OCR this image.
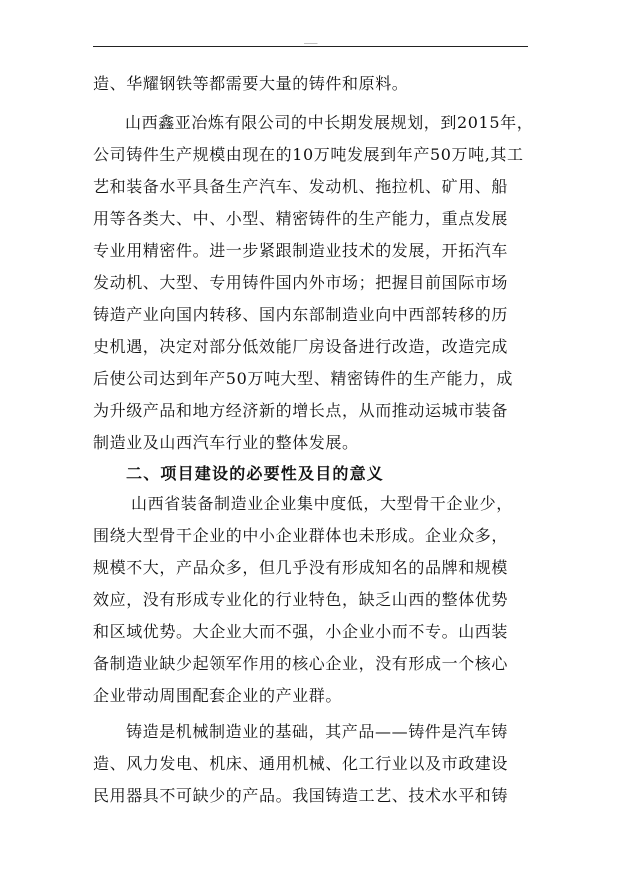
___
造、华耀钢铁等都需要大量的铸件和原料。
山西鑫亚冶炼有限公司的中长期发展规划，到2015年，
公司铸件生产规模由现在的10万吨发展到年产50万吨,其工
艺和装备水平具备生产汽车、发动机、拖拉机、矿用、船
用等各类大、中、小型、精密铸件的生产能力，重点发展
专业用精密件。进一步紧跟制造业技术的发展，开拓汽车
发动机、大型、专用铸件国内外市场；把握目前国际市场
铸造产业向国内转移、国内东部制造业向中西部转移的历
史机遇，决定对部分低效能厂房设备进行改造，改造完成
后使公司达到年产50万吨大型、精密铸件的生产能力，成
为升级产品和地方经济新的增长点，从而推动运城市装备
制造业及山西汽车行业的整体发展。
二、项目建设的必要性及目的意义
山西省装备制造业企业集中度低，大型骨干企业少，
围绕大型骨干企业的中小企业群体也未形成。企业众多，
规模不大，产品众多，但几乎没有形成知名的品牌和规模
效应，没有形成专业化的行业特色，缺乏山西的整体优势
和区域优势。大企业大而不强，小企业小而不专。山西装
备制造业缺少起领军作用的核心企业，没有形成一个核心
企业带动周围配套企业的产业群。
铸造是机械制造业的基础，其产品——铸件是汽车铸
造、风力发电、机床、通用机械、化工行业以及市政建设
民用器具不可缺少的产品。我国铸造工艺、技术水平和铸
